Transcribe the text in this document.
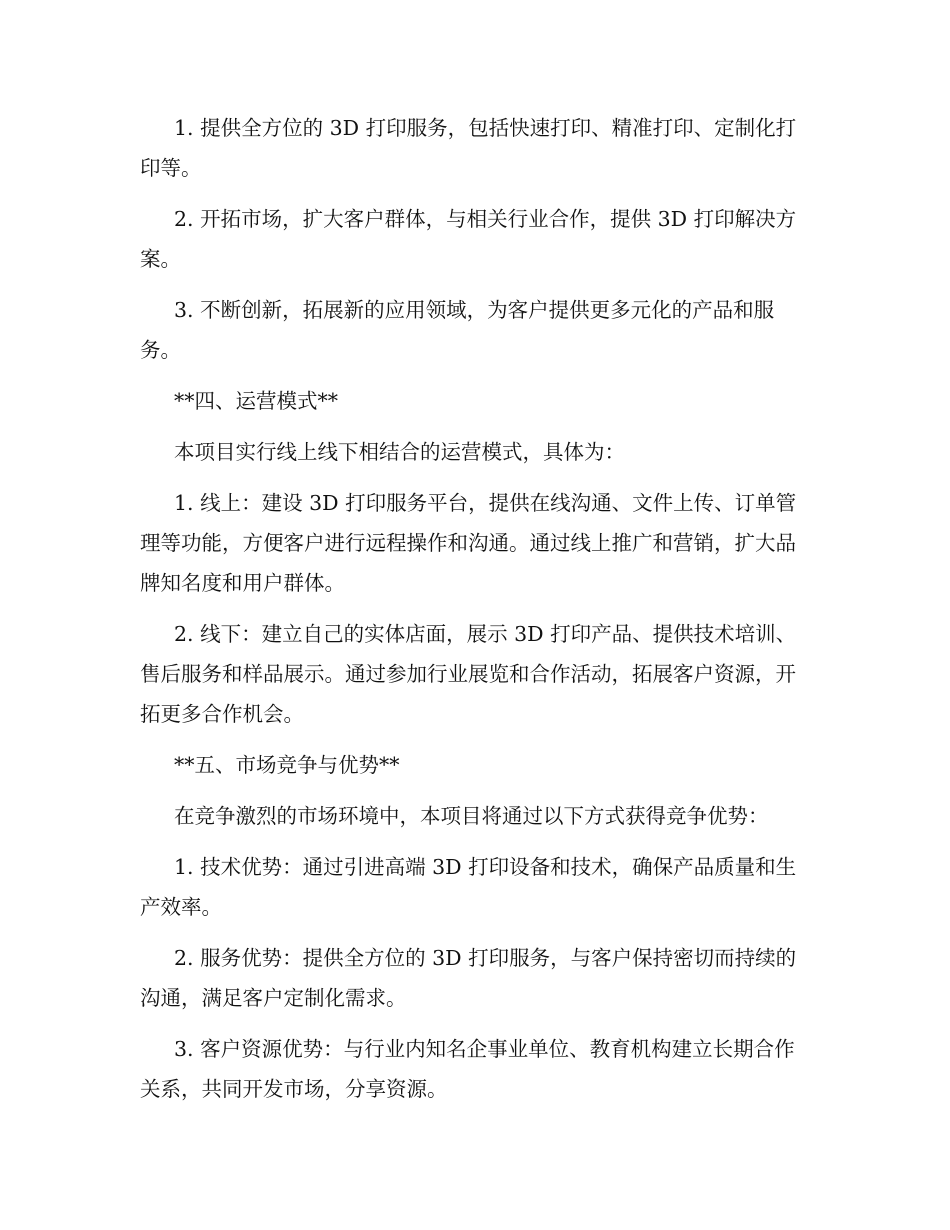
1. 提供全方位的 3D 打印服务，包括快速打印、精准打印、定制化打印等。

2. 开拓市场，扩大客户群体，与相关行业合作，提供 3D 打印解决方案。

3. 不断创新，拓展新的应用领域，为客户提供更多元化的产品和服务。

**四、运营模式**

本项目实行线上线下相结合的运营模式，具体为：

1. 线上：建设 3D 打印服务平台，提供在线沟通、文件上传、订单管理等功能，方便客户进行远程操作和沟通。通过线上推广和营销，扩大品牌知名度和用户群体。

2. 线下：建立自己的实体店面，展示 3D 打印产品、提供技术培训、售后服务和样品展示。通过参加行业展览和合作活动，拓展客户资源，开拓更多合作机会。

**五、市场竞争与优势**

在竞争激烈的市场环境中，本项目将通过以下方式获得竞争优势：

1. 技术优势：通过引进高端 3D 打印设备和技术，确保产品质量和生产效率。

2. 服务优势：提供全方位的 3D 打印服务，与客户保持密切而持续的沟通，满足客户定制化需求。

3. 客户资源优势：与行业内知名企事业单位、教育机构建立长期合作关系，共同开发市场，分享资源。
